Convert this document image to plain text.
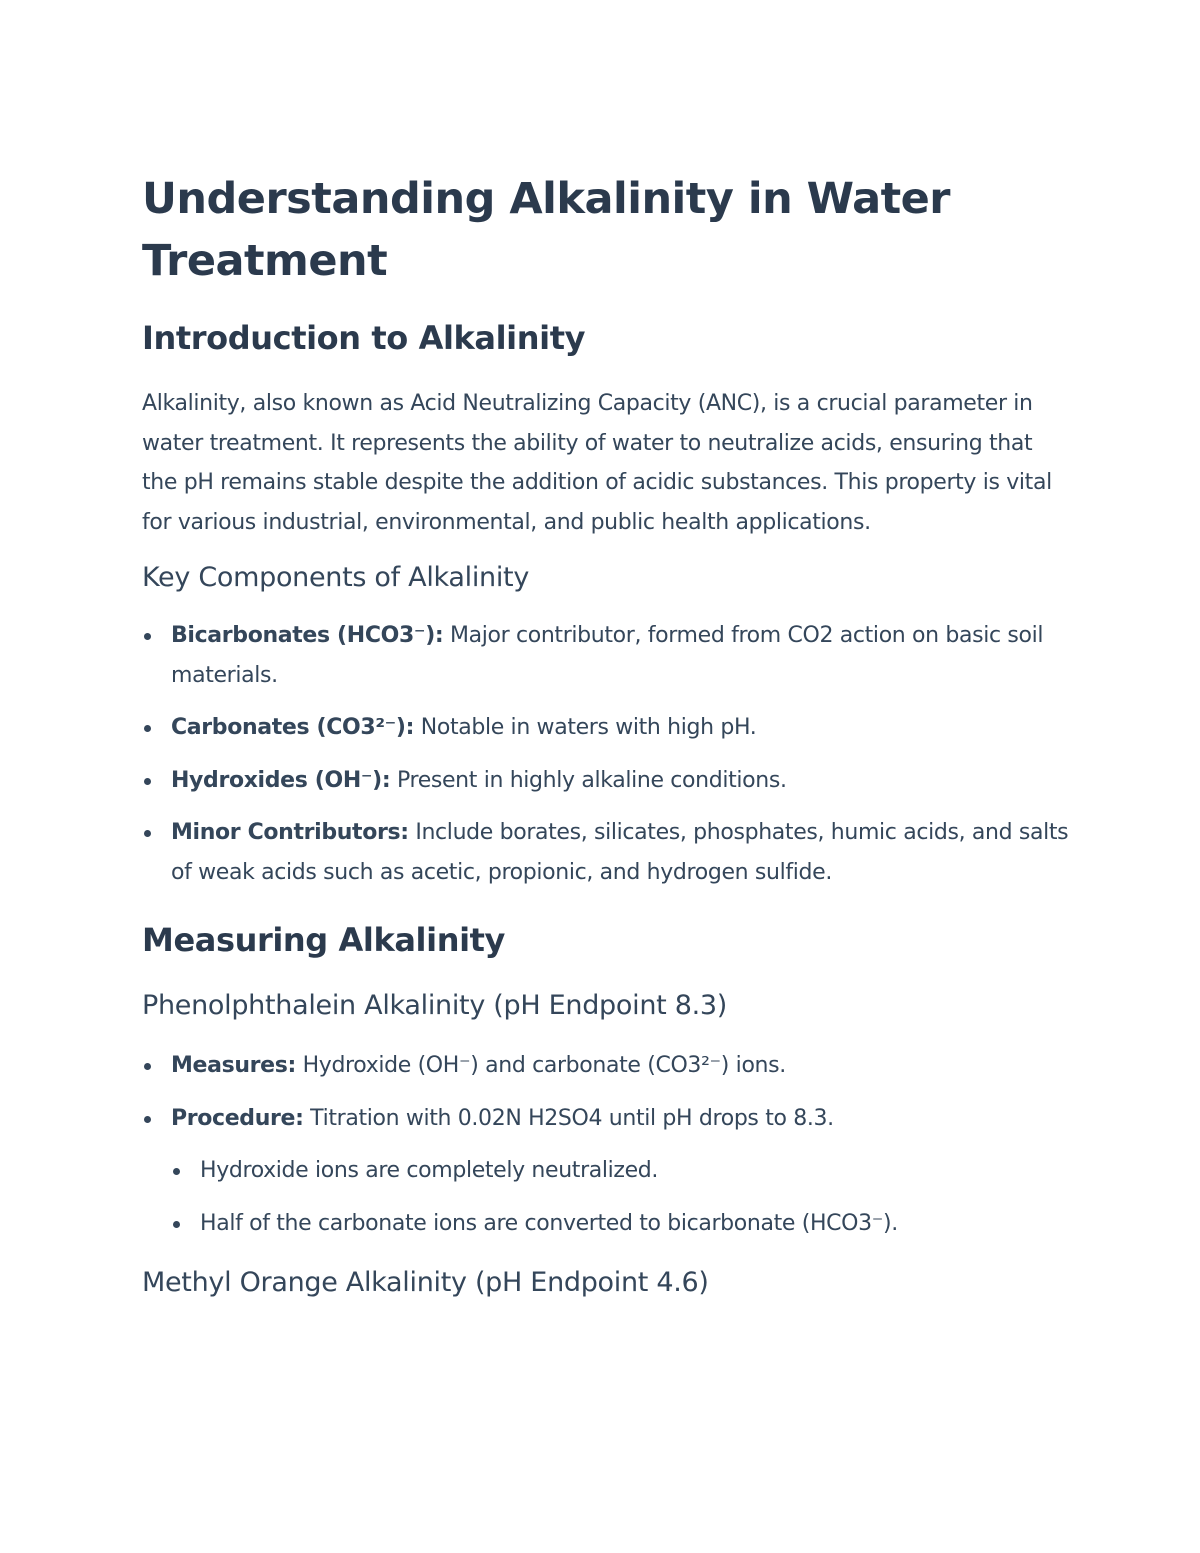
Understanding Alkalinity in Water Treatment
Introduction to Alkalinity

Alkalinity, also known as Acid Neutralizing Capacity (ANC), is a crucial parameter in water treatment. It represents the ability of water to neutralize acids, ensuring that the pH remains stable despite the addition of acidic substances. This property is vital for various industrial, environmental, and public health applications.

Key Components of Alkalinity
Bicarbonates (HCO3⁻): Major contributor, formed from CO2 action on basic soil materials.
Carbonates (CO3²⁻): Notable in waters with high pH.
Hydroxides (OH⁻): Present in highly alkaline conditions.
Minor Contributors: Include borates, silicates, phosphates, humic acids, and salts of weak acids such as acetic, propionic, and hydrogen sulfide.
Measuring Alkalinity
Phenolphthalein Alkalinity (pH Endpoint 8.3)
Measures: Hydroxide (OH⁻) and carbonate (CO3²⁻) ions.
Procedure: Titration with 0.02N H2SO4 until pH drops to 8.3.
Hydroxide ions are completely neutralized.
Half of the carbonate ions are converted to bicarbonate (HCO3⁻).
Methyl Orange Alkalinity (pH Endpoint 4.6)
